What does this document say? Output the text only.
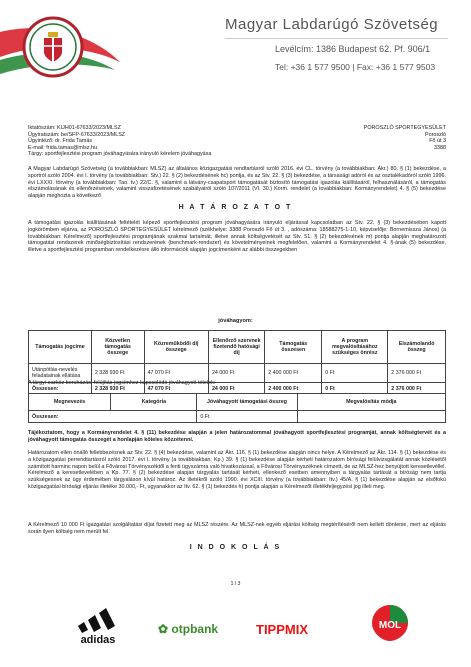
Magyar Labdarúgó Szövetség
Levélcím: 1386 Budapest 62. Pf. 906/1
Tel: +36 1 577 9500 | Fax: +36 1 577 9503
Iktatószám: KIJH01-67633/2023/MLSZ
Ügyiratszám: be/SFP-67633/2023/MLSZ
Ügyintéző: dr. Frida Tamás
E-mail: frida.tamas@mlsz.hu
Tárgy: sportfejlesztési program jóváhagyására irányuló kérelem jóváhagyása
POROSZLÓ SPORTEGYESÜLET
Poroszló
Fő út 3
3388
A Magyar Labdarúgó Szövetség (a továbbiakban: MLSZ) az általános közigazgatási rendtartásról szóló 2016. évi CL. törvény (a továbbiakban: Ákr.) 80. § (1) bekezdése, a sportról szóló 2004. évi I. törvény (a továbbiakban: Stv.) 22. § (2) bekezdésének hc) pontja, és az Stv. 22. § (3) bekezdése, a társasági adóról és az osztalékadóról szóló 1996. évi LXXXI. törvény (a továbbiakban: Tao. tv.) 22/C. §, valamint a látvány-csapatsport támogatását biztosító támogatási igazolás kiállításáról, felhasználásáról, a támogatás elszámolásának és ellenőrzésének, valamint visszafizetésének szabályairól szóló 107/2011 (VI. 30.) Korm. rendelet (a továbbiakban: Kormányrendelet) 4. § (5) bekezdése alapján meghozta a következő
H A T Á R O Z A T O T
A támogatási igazolás kiállításának feltételét képező sportfejlesztési program jóváhagyására irányuló eljárással kapcsolatban az Stv. 22. § (3) bekezdésében kapott jogkörömben eljárva, az POROSZLÓ SPORTEGYESÜLET kérelmező (székhelye: 3388 Poroszló Fő út 3. , adószáma: 18588275-1-10, képviselője: Bornemissza János) (a továbbiakban: Kérelmező) sportfejlesztési programjának szakmai tartalmát, illetve annak költségvetését az Stv. 51. § (2) bekezdésének m) pontja alapján meghatározott támogatási rendszerek minőségbiztosítási rendszerének (benchmark-rendszer) és követelményeinek megfelelően, valamint a Kormányrendelet 4. §-ának (5) bekezdése, illetve a sportfejlesztési programban rendelkezésre álló információk alapján jogcímenként az alábbi összegekben
jóváhagyom:
Támogatás jogcíme	Közvetlen támogatás összege	Közreműködői díj összege	Ellenőrző szervnek fizetendő hatósági díj	Támogatás összesen	A program megvalósításához szükséges önrész	Elszámolandó összeg
Utánpótlás-nevelés feladatainak ellátása	2 328 930 Ft	47 070 Ft	24 000 Ft	2 400 000 Ft	0 Ft	2 376 000 Ft
Összesen:	2 328 930 Ft	47 070 Ft	24 000 Ft	2 400 000 Ft	0 Ft	2 376 000 Ft
A tárgyi eszköz beruházás, felújítás jogcímhez kapcsolódó jóváhagyott tételek:
Megnevezés	Kategória	Jóváhagyott támogatási összeg	Megvalósítás módja
Összesen:		0 Ft	
Tájékoztatom, hogy a Kormányrendelet 4. § (11) bekezdése alapján a jelen határozatommal jóváhagyott sportfejlesztési programját, annak költségtervét és a jóváhagyott támogatás összegét a honlapján köteles közzétenni.
Határozatom ellen önálló fellebbezésnek az Stv. 22. § (4) bekezdése, valamint az Ákr. 116. § (1) bekezdése alapján nincs helye. A Kérelmező az Ákr. 114. § (1) bekezdése és a közigazgatási perrendtartásról szóló 2017. évi I. törvény (a továbbiakban: Kp.) 39. § (1) bekezdése alapján kérheti határozatom bírósági felülvizsgálatát annak közlésétől számított harminc napon belül a Fővárosi Törvényszéktől a fenti ügyszámra való hivatkozással, a Fővárosi Törvényszéknek címzett, de az MLSZ-hez benyújtott keresetlevéllel. Kérelmező a keresetlevelében a Kp. 77. § (2) bekezdése alapján tárgyalás tartását kérheti, ellenkező esetben amennyiben a tárgyalás tartását a bíróság nem tartja szükségesnek az ügy érdemében tárgyaláson kívül határoz. Az illetékről szóló 1990. évi XCIII. törvény (a továbbiakban: Itv.) 45/A. § (1) bekezdése alapján az elsőfokú közigazgatási bírósági eljárás illetéke 30.000,- Ft, ugyanakkor az Itv. 62. § (1) bekezdés h) pontja alapján a Kérelmezőt illetékfeljegyzési jog illeti meg.
A Kérelmező 10 000 Ft igazgatási szolgáltatási díjat fizetett meg az MLSZ részére. Az MLSZ-nek egyéb eljárási költség megtérítéséről nem kellett döntenie, mert az eljárás során ilyen költség nem merült fel.
I N D O K O L Á S
1 / 3
adidas
✿ otpbank	TIPPMIX	MOL
